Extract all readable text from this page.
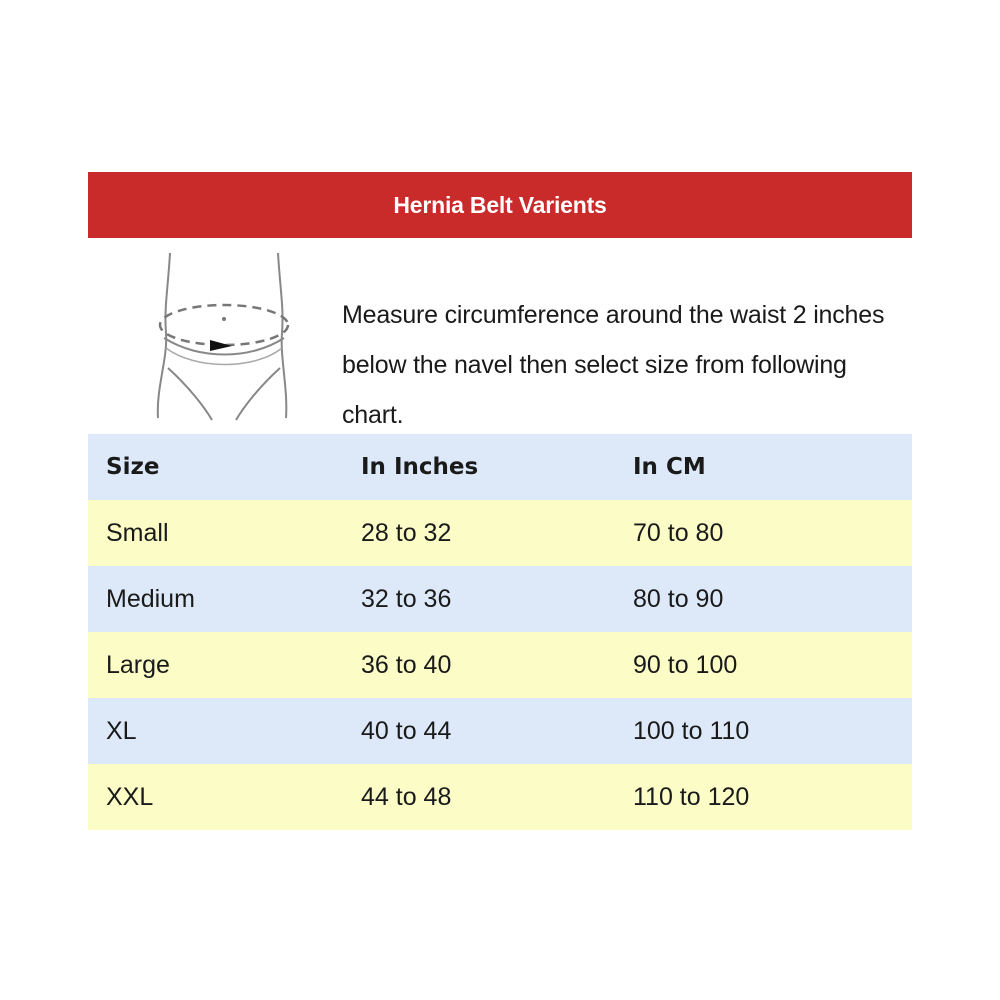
Hernia Belt Varients
Measure circumference around the waist 2 inches
below the navel then select size from following chart.
Size	In Inches	In CM
Small	28 to 32	70 to 80
Medium	32 to 36	80 to 90
Large	36 to 40	90 to 100
XL	40 to 44	100 to 110
XXL	44 to 48	110 to 120
